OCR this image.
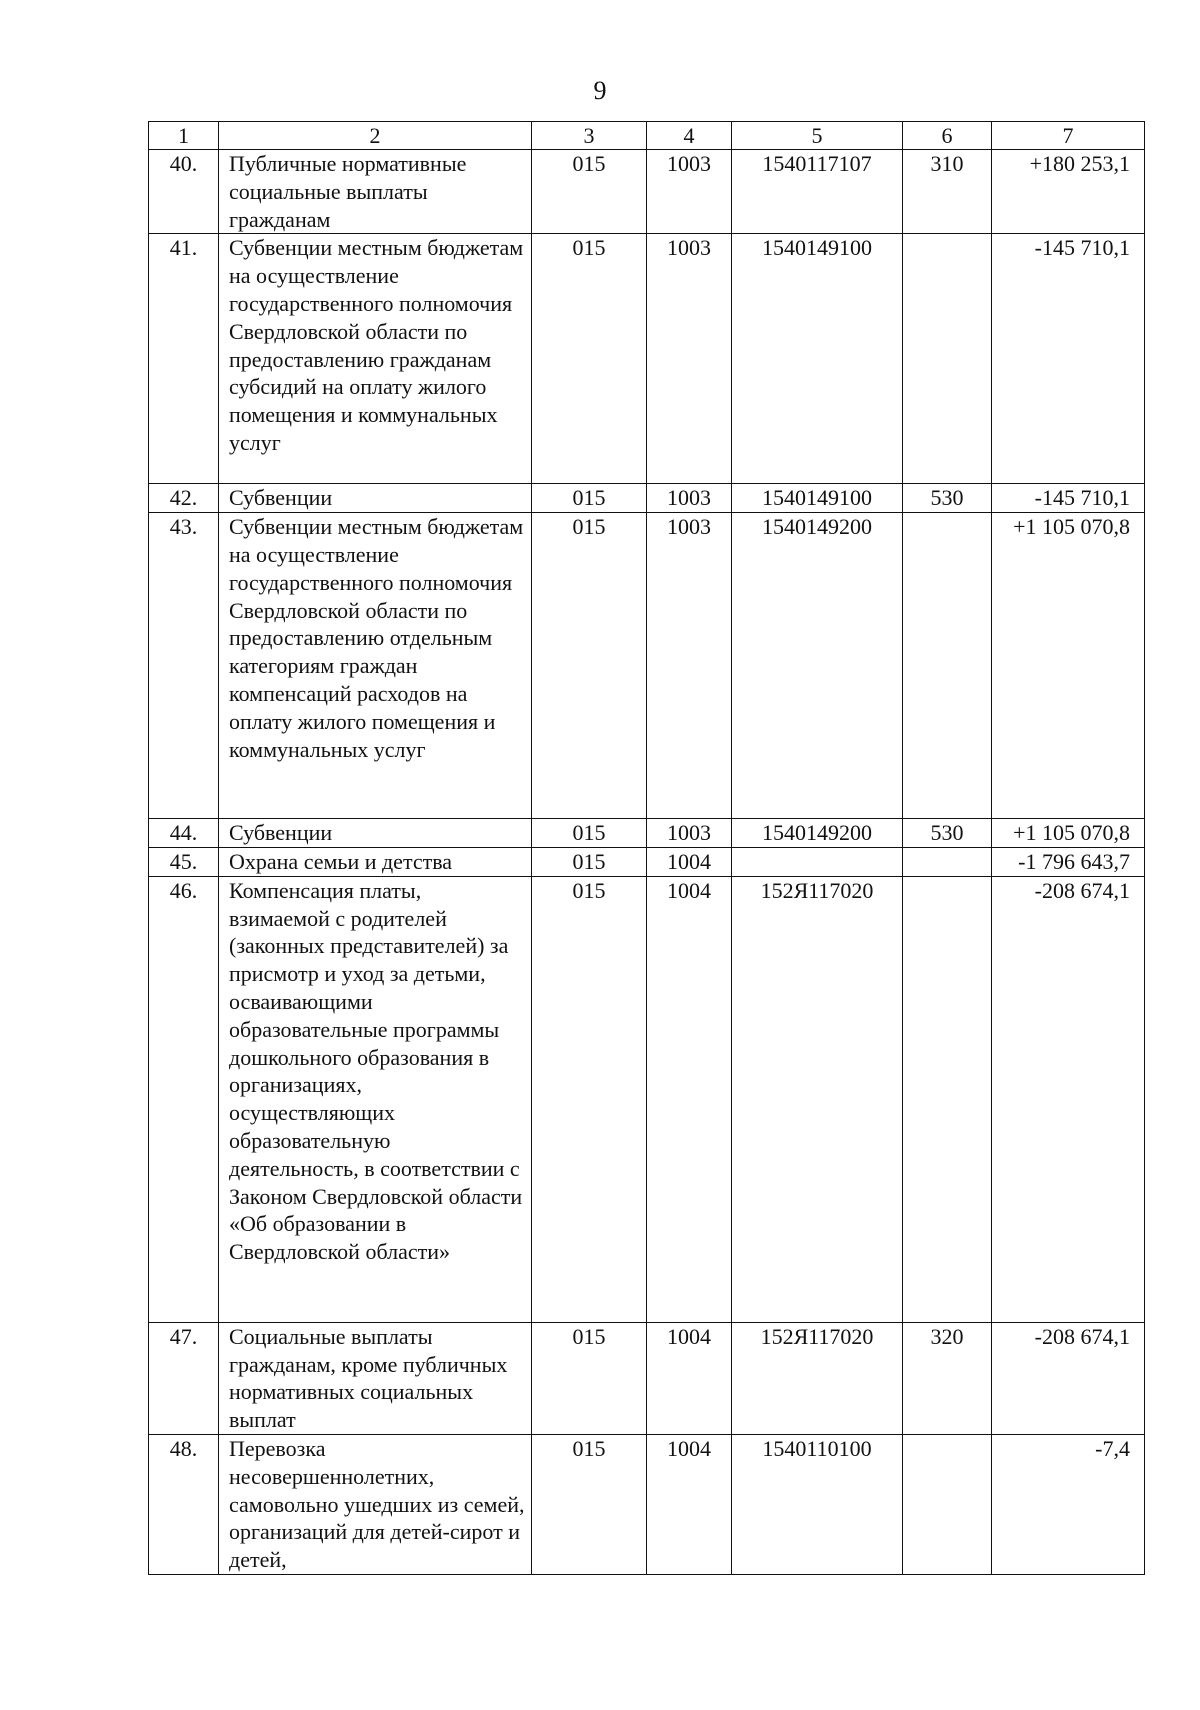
9
1	2	3	4	5	6	7
40.	Публичные нормативные социальные выплаты гражданам	015	1003	1540117107	310	+180 253,1
41.	Субвенции местным бюджетам на осуществление государственного полномочия Свердловской области по предоставлению гражданам субсидий на оплату жилого помещения и коммунальных услуг	015	1003	1540149100		-145 710,1
42.	Субвенции	015	1003	1540149100	530	-145 710,1
43.	Субвенции местным бюджетам на осуществление государственного полномочия Свердловской области по предоставлению отдельным категориям граждан компенсаций расходов на оплату жилого помещения и коммунальных услуг	015	1003	1540149200		+1 105 070,8
44.	Субвенции	015	1003	1540149200	530	+1 105 070,8
45.	Охрана семьи и детства	015	1004			-1 796 643,7
46.	Компенсация платы, взимаемой с родителей (законных представителей) за присмотр и уход за детьми, осваивающими образовательные программы дошкольного образования в организациях, осуществляющих образовательную деятельность, в соответствии с Законом Свердловской области «Об образовании в Свердловской области»	015	1004	152Я117020		-208 674,1
47.	Социальные выплаты гражданам, кроме публичных нормативных социальных выплат	015	1004	152Я117020	320	-208 674,1
48.	Перевозка несовершеннолетних, самовольно ушедших из семей, организаций для детей-сирот и детей,	015	1004	1540110100		-7,4
